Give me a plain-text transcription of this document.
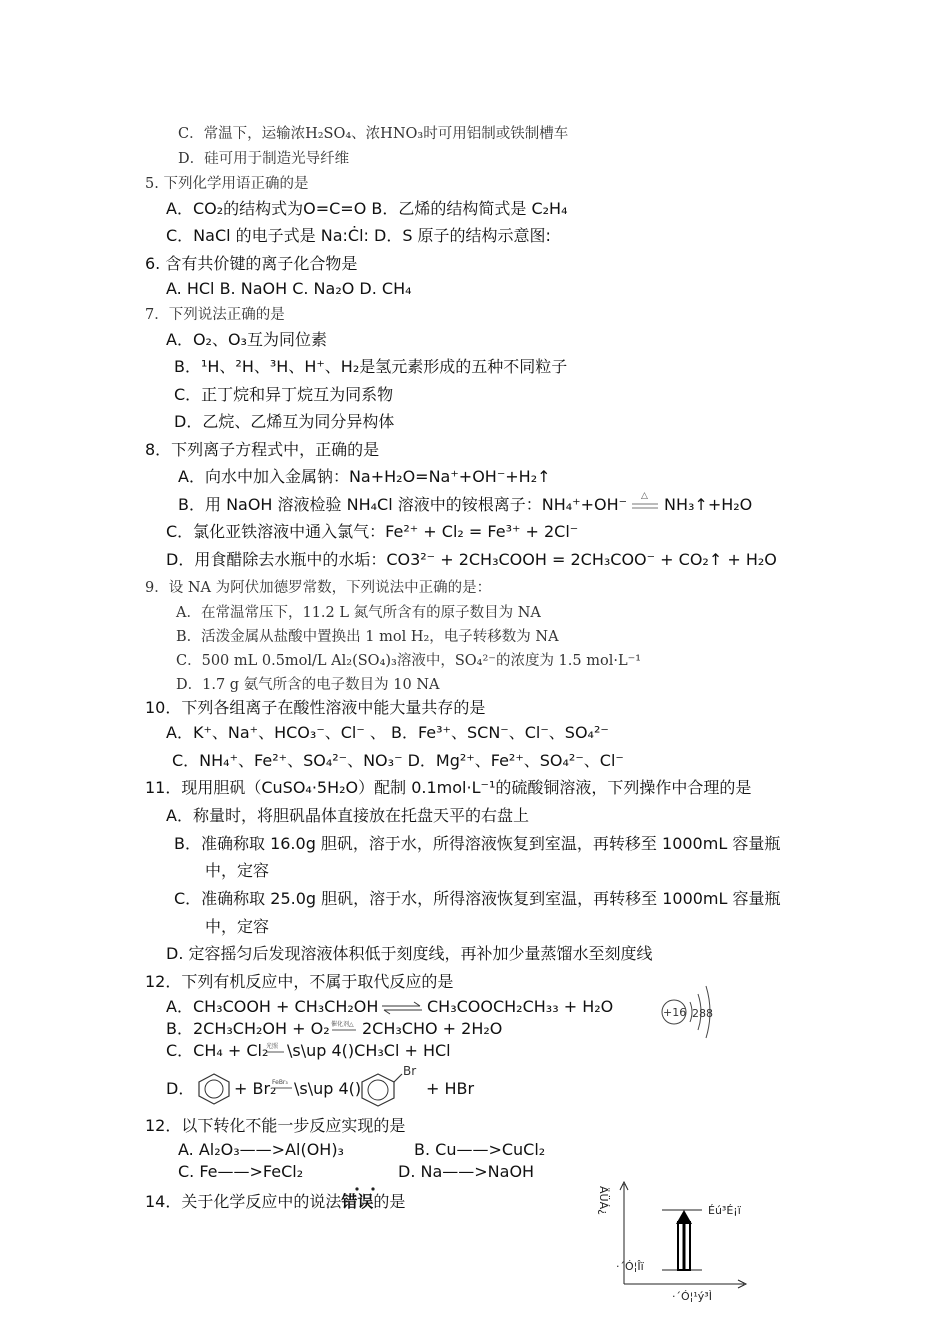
C．常温下，运输浓H₂SO₄、浓HNO₃时可用铝制或铁制槽车
D．硅可用于制造光导纤维
5. 下列化学用语正确的是
A．CO₂的结构式为O=C=O B．乙烯的结构简式是 C₂H₄
C．NaCl 的电子式是 Na:Ċl: D．S 原子的结构示意图:
6. 含有共价键的离子化合物是
A. HCl B. NaOH C. Na₂O D. CH₄
7．下列说法正确的是
A．O₂、O₃互为同位素
B．¹H、²H、³H、H⁺、H₂是氢元素形成的五种不同粒子
C．正丁烷和异丁烷互为同系物
D．乙烷、乙烯互为同分异构体
8．下列离子方程式中，正确的是
A．向水中加入金属钠：Na+H₂O=Na⁺+OH⁻+H₂↑
B．用 NaOH 溶液检验 NH₄Cl 溶液中的铵根离子：NH₄⁺+OH⁻ △ NH₃↑+H₂O
C．氯化亚铁溶液中通入氯气：Fe²⁺ + Cl₂ = Fe³⁺ + 2Cl⁻
D．用食醋除去水瓶中的水垢：CO3²⁻ + 2CH₃COOH = 2CH₃COO⁻ + CO₂↑ + H₂O
9．设 NA 为阿伏加德罗常数，下列说法中正确的是：
A．在常温常压下，11.2 L 氮气所含有的原子数目为 NA
B．活泼金属从盐酸中置换出 1 mol H₂，电子转移数为 NA
C．500 mL 0.5mol/L Al₂(SO₄)₃溶液中，SO₄²⁻的浓度为 1.5 mol·L⁻¹
D．1.7 g 氨气所含的电子数目为 10 NA
10．下列各组离子在酸性溶液中能大量共存的是
A．K⁺、Na⁺、HCO₃⁻、Cl⁻ 、 B．Fe³⁺、SCN⁻、Cl⁻、SO₄²⁻
C．NH₄⁺、Fe²⁺、SO₄²⁻、NO₃⁻ D．Mg²⁺、Fe²⁺、SO₄²⁻、Cl⁻
11．现用胆矾（CuSO₄·5H₂O）配制 0.1mol·L⁻¹的硫酸铜溶液，下列操作中合理的是
A．称量时，将胆矾晶体直接放在托盘天平的右盘上
B．准确称取 16.0g 胆矾，溶于水，所得溶液恢复到室温，再转移至 1000mL 容量瓶
中，定容
C．准确称取 25.0g 胆矾，溶于水，所得溶液恢复到室温，再转移至 1000mL 容量瓶
中，定容
D. 定容摇匀后发现溶液体积低于刻度线，再补加少量蒸馏水至刻度线
12．下列有机反应中，不属于取代反应的是
A．CH₃COOH + CH₃CH₂OH ⇌ CH₃COOCH₂CH₃₃ + H₂O
B．2CH₃CH₂OH + O₂ 催化剂△ 2CH₃CHO + 2H₂O
C．CH₄ + Cl₂
光照 \s\up 4()CH₃Cl + HCl
D． + Br₂
FeBr₃ \s\up 4()
Br
+ HBr
+16 288
12．以下转化不能一步反应实现的是
A. Al₂O₃——>Al(OH)₃	B. Cu——>CuCl₂
C. Fe——>FeCl₂	D. Na——>NaOH
14．关于化学反应中的说法错误的是	ÄÜÁ¿	Éú³É¡ï
·´Ó¦Îï
·´Ó¦¹ý³Ì
